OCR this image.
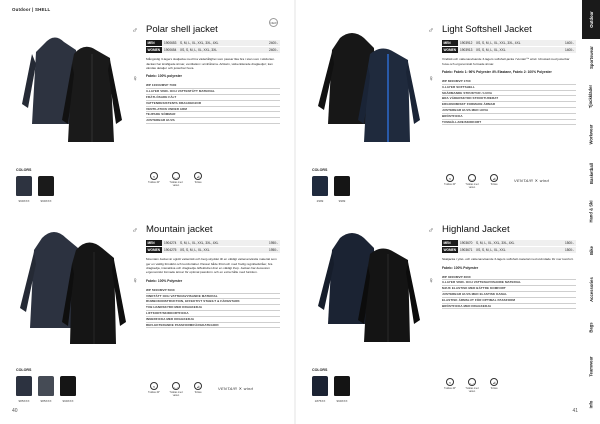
Outdoor | SHELL
♂
♀
COLORS
999XXX	999XXX
Polar shell jacket
MEN	1900653	S, M, L, XL, XXL, 3XL, 4XL	2400:-
WOMEN	1900654	XS, S, M, L, XL, XXL, 3XL	2400:-
Mångsidig 3-lagers skaljacka med bra vädertålighet som passar lika bra i stan som i skidorten. Jackan har knäfigade ärmar, ventilation i armhålorna. Artikeln, välventilerade dragkedjor; kan vändas detaljer och justerbar huva.
Fabric: 100% polyester
WP 10000/MVP 7000
3-LAYER VIND- OCH VATTENTÄTT MATERIAL
FRÄTLÖSADE FÄLT
VATTENRESISTENTA DRAGKEDJOR
VENTILATION UNDER ARM
TEJPADE SÖMMAR
JUSTERBAR HUVA
NEW
≈
Tvättas 40°
◡
Tvättas med vatten
⊿
Torkas
♂
♀
COLORS
985XXX	985XXX	999XXX
Mountain jacket
MEN	1904274	S, M, L, XL, XXL, 3XL, 4XL	1950:-
WOMEN	1904275	XS, S, M, L, XL, XXL	1950:-
Mountain Jacket är ogivlit vattentätt och berg-skyddet till en väldigt vattenanvända material som ger en väldig förstärkt och komfortabel. Passar både fritid och med frodig regnkladstråer, bra dragkedja, interaktiva och dragkedja. Effektivitet drar en väldigt ihop. Jackan har dessutom ergonomiskt formade ärmar för optimal passform och en extra hålle med funktion.
Fabric: 100% Polyester
WP 5000/MVP 5000
VINDTÄTT OCH VATTENAVVISANDE MATERIAL
RUMBOKONSTRUKTION, EFFEKTIVT STABILT & FÄRGSTARK
TUB HANDSKYDD MED DRAGKEDJA
LIFTKORT/SKIDKORTFICKA
INNERFICKA MED DRAGKEDJA
REFLEKTERANDE PASSFORM/FÄRGKATEGORI
≈
Tvättas 40°
◡
Tvättas med vatten
⊿
Torkas
VENTAIR ✕ wind
40
♂
♀
COLORS
2999	9999
Light Softshell Jacket
MEN	1903912	XS, S, M, L, XL, XXL, 3XL, 4XL	1400:-
WOMEN	1903913	XS, S, M, L, XL, XXL	1400:-
Vindtätt och vattenavvisande 3-lagers softshell-jacka i Ventair™ wind. Utrustad med justerbar huva och ergonomiskt formade ärmar.
Fabric: Fabric 1: 96% Polyester 4% Elastane, Fabric 2: 100% Polyester
WP 8000/MVP 1700
3-LAYER SOFTSHELL
SKÄRMANDE STRUKTUR / HUVA
BRA VÄDERSKYDD STRUKTURERAT
ERGONOMISKT FORMADE ÄRMAR
JUSTERBAR HUVA MED HUVA
BRÖSTFICKA
TUMHÅLLARE/SKIDKORT
≈
Tvättas 40°
◡
Tvättas med vatten
⊿
Torkas
VENTAIR ✕ wind
♂
♀
COLORS
1875XX	999XXX
Highland Jacket
MEN	1903670	S, M, L, XL, XXL, 3XL, 4XL	1500:-
WOMEN	1903671	XS, S, M, L, XL, XXL	1500:-
Skaljacka i ytlet- och vattenavvisande 3-lagers softshell-material med utvindade för mer komfort.
Fabric: 100% Polyester
WP 3000/MVP 3000
3-LAYER VIND- OCH VATTENAVVISANDE MATERIAL
MJUK ELASTISK MED BÄTTRE KOMFORT
JUSTERBAR HUVA MED ELASTISK KANAL
ELASTISK ÄRMSLUT FÖR OPTIMAL PASSFORM
BRÖSTFICKA MED DRAGKEDJA
≈
Tvättas 40°
◡
Tvättas med vatten
⊿
Torkas
41
Outdoor
Sportswear
Tjockkläder
Workwear
Basketball
Hand & Ski
Bike
Accessories
Bags
Teamwear
Info
